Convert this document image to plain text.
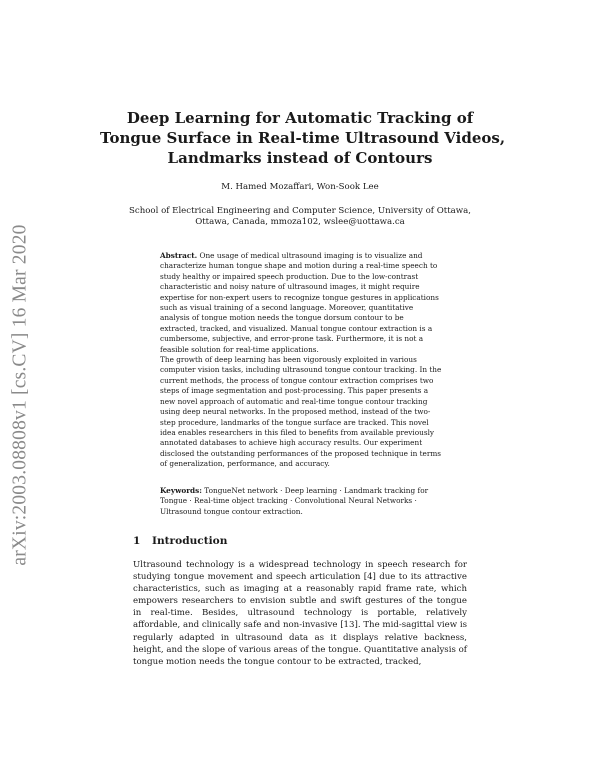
arXiv:2003.08808v1 [cs.CV] 16 Mar 2020
Deep Learning for Automatic Tracking of
Tongue Surface in Real-time Ultrasound Videos,
Landmarks instead of Contours
M. Hamed Mozaffari, Won-Sook Lee
School of Electrical Engineering and Computer Science, University of Ottawa,
Ottawa, Canada, mmoza102, wslee@uottawa.ca

Abstract. One usage of medical ultrasound imaging is to visualize and characterize human tongue shape and motion during a real-time speech to study healthy or impaired speech production. Due to the low-contrast characteristic and noisy nature of ultrasound images, it might require expertise for non-expert users to recognize tongue gestures in applications such as visual training of a second language. Moreover, quantitative analysis of tongue motion needs the tongue dorsum contour to be extracted, tracked, and visualized. Manual tongue contour extraction is a cumbersome, subjective, and error-prone task. Furthermore, it is not a feasible solution for real-time applications.

The growth of deep learning has been vigorously exploited in various computer vision tasks, including ultrasound tongue contour tracking. In the current methods, the process of tongue contour extraction comprises two steps of image segmentation and post-processing. This paper presents a new novel approach of automatic and real-time tongue contour tracking using deep neural networks. In the proposed method, instead of the two-step procedure, landmarks of the tongue surface are tracked. This novel idea enables researchers in this filed to benefits from available previously annotated databases to achieve high accuracy results. Our experiment disclosed the outstanding performances of the proposed technique in terms of generalization, performance, and accuracy.

Keywords: TongueNet network · Deep learning · Landmark tracking for Tongue · Real-time object tracking · Convolutional Neural Networks · Ultrasound tongue contour extraction.

1 Introduction

Ultrasound technology is a widespread technology in speech research for studying tongue movement and speech articulation [4] due to its attractive characteristics, such as imaging at a reasonably rapid frame rate, which empowers researchers to envision subtle and swift gestures of the tongue in real-time. Besides, ultrasound technology is portable, relatively affordable, and clinically safe and non-invasive [13]. The mid-sagittal view is regularly adapted in ultrasound data as it displays relative backness, height, and the slope of various areas of the tongue. Quantitative analysis of tongue motion needs the tongue contour to be extracted, tracked,
